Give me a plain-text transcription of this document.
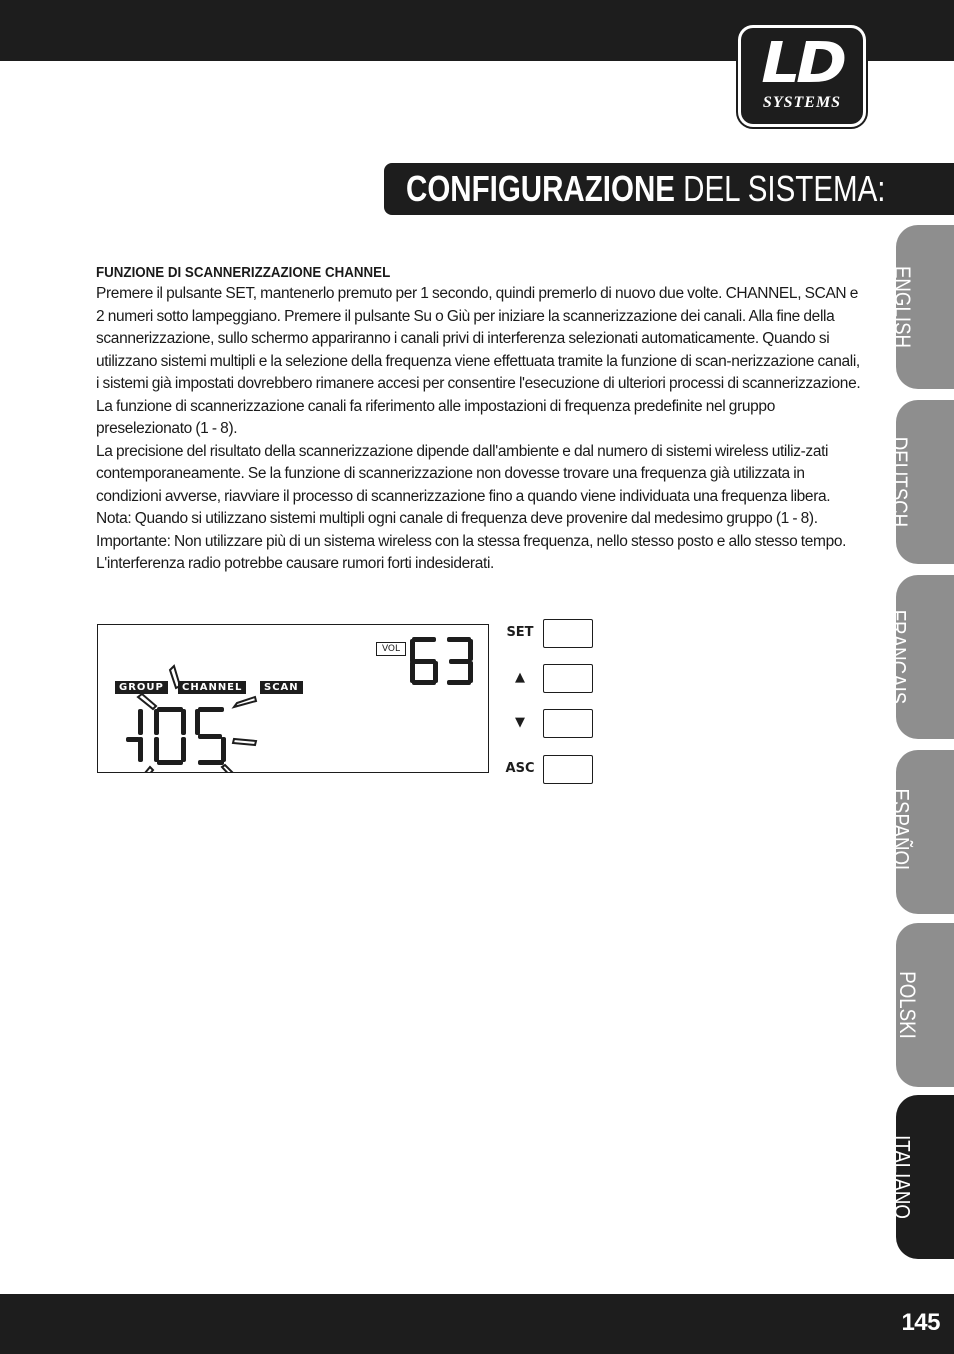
LD
SYSTEMS
CONFIGURAZIONE DEL SISTEMA:
ENGLISH
DEUTSCH
FRANCAIS
ESPAÑOL
POLSKI
ITALIANO

FUNZIONE DI SCANNERIZZAZIONE CHANNEL

Premere il pulsante SET, mantenerlo premuto per 1 secondo, quindi premerlo di nuovo due volte. CHANNEL, SCAN e 2 numeri sotto lampeggiano. Premere il pulsante Su o Giù per iniziare la scannerizzazione dei canali. Alla fine della scannerizzazione, sullo schermo appariranno i canali privi di interferenza selezionati automaticamente. Quando si utilizzano sistemi multipli e la selezione della frequenza viene effettuata tramite la funzione di scan-nerizzazione canali, i sistemi già impostati dovrebbero rimanere accesi per consentire l'esecuzione di ulteriori processi di scannerizzazione. La funzione di scannerizzazione canali fa riferimento alle impostazioni di frequenza predefinite nel gruppo preselezionato (1 - 8).

La precisione del risultato della scannerizzazione dipende dall'ambiente e dal numero di sistemi wireless utiliz-zati contemporaneamente. Se la funzione di scannerizzazione non dovesse trovare una frequenza già utilizzata in condizioni avverse, riavviare il processo di scannerizzazione fino a quando viene individuata una frequenza libera.

Nota: Quando si utilizzano sistemi multipli ogni canale di frequenza deve provenire dal medesimo gruppo (1 - 8).

Importante: Non utilizzare più di un sistema wireless con la stessa frequenza, nello stesso posto e allo stesso tempo. L'interferenza radio potrebbe causare rumori forti indesiderati.

VOL
GROUP	CHANNEL	SCAN
SET
▲
▼
ASC
145
